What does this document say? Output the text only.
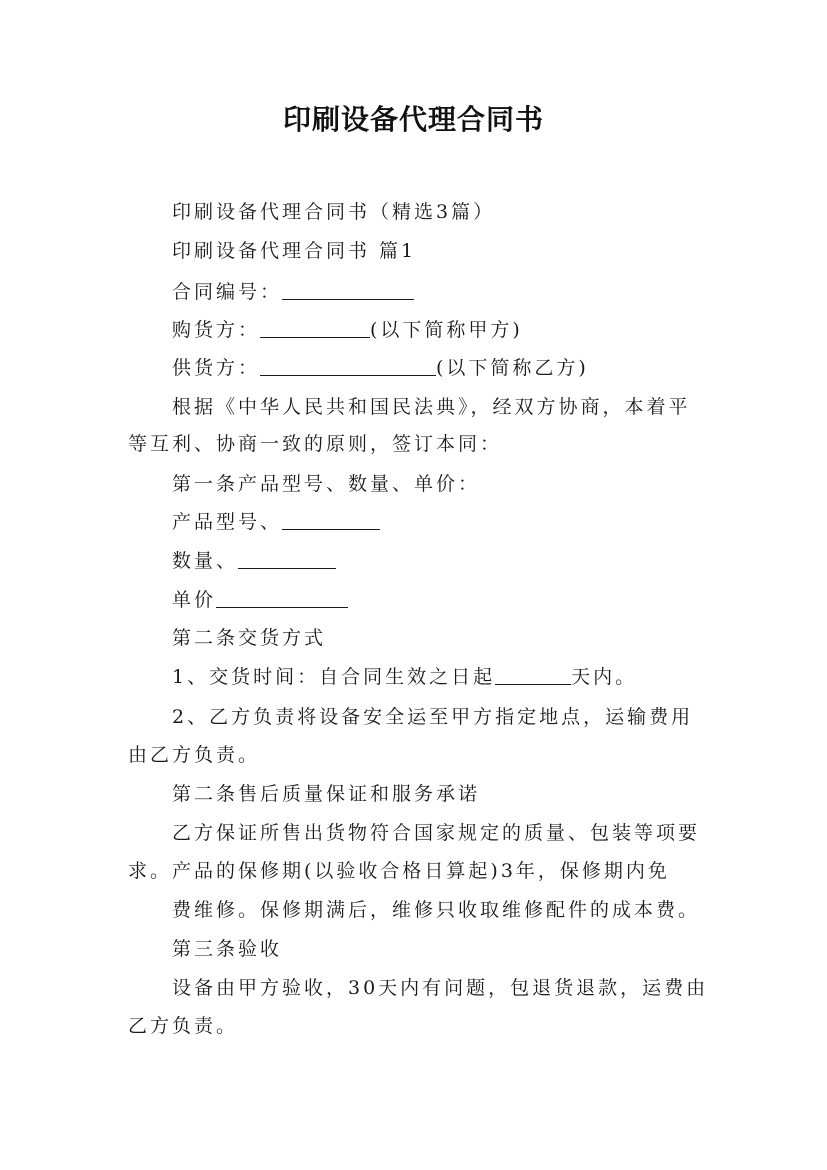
印刷设备代理合同书
印刷设备代理合同书（精选3篇）
印刷设备代理合同书 篇1
合同编号：
购货方：	(以下简称甲方)
供货方：	(以下简称乙方)
根据《中华人民共和国民法典》，经双方协商，本着平
等互利、协商一致的原则，签订本同：
第一条产品型号、数量、单价：
产品型号、
数量、
单价
第二条交货方式
1、交货时间：自合同生效之日起	天内。
2、乙方负责将设备安全运至甲方指定地点，运输费用
由乙方负责。
第二条售后质量保证和服务承诺
乙方保证所售出货物符合国家规定的质量、包装等项要
求。产品的保修期(以验收合格日算起)3年，保修期内免
费维修。保修期满后，维修只收取维修配件的成本费。
第三条验收
设备由甲方验收，30天内有问题，包退货退款，运费由
乙方负责。
